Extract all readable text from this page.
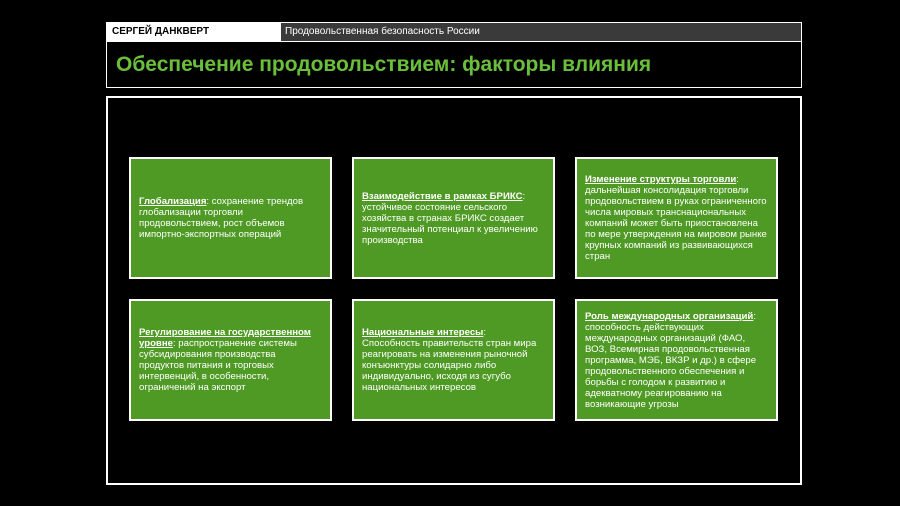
СЕРГЕЙ ДАНКВЕРТ	Продовольственная безопасность России
Обеспечение продовольствием: факторы влияния
Глобализация: сохранение трендов глобализации торговли продовольствием, рост объемов импортно-экспортных операций
Взаимодействие в рамках БРИКС: устойчивое состояние сельского хозяйства в странах БРИКС создает значительный потенциал к увеличению производства
Изменение структуры торговли: дальнейшая консолидация торговли продовольствием в руках ограниченного числа мировых транснациональных компаний может быть приостановлена по мере утверждения на мировом рынке крупных компаний из развивающихся стран
Регулирование на государственном уровне: распространение системы субсидирования производства продуктов питания и торговых интервенций, в особенности, ограничений на экспорт
Национальные интересы: Способность правительств стран мира реагировать на изменения рыночной конъюнктуры солидарно либо индивидуально, исходя из сугубо национальных интересов
Роль международных организаций: способность действующих международных организаций (ФАО, ВОЗ, Всемирная продовольственная программа, МЭБ, ВКЗР и др.) в сфере продовольственного обеспечения и борьбы с голодом к развитию и адекватному реагированию на возникающие угрозы
